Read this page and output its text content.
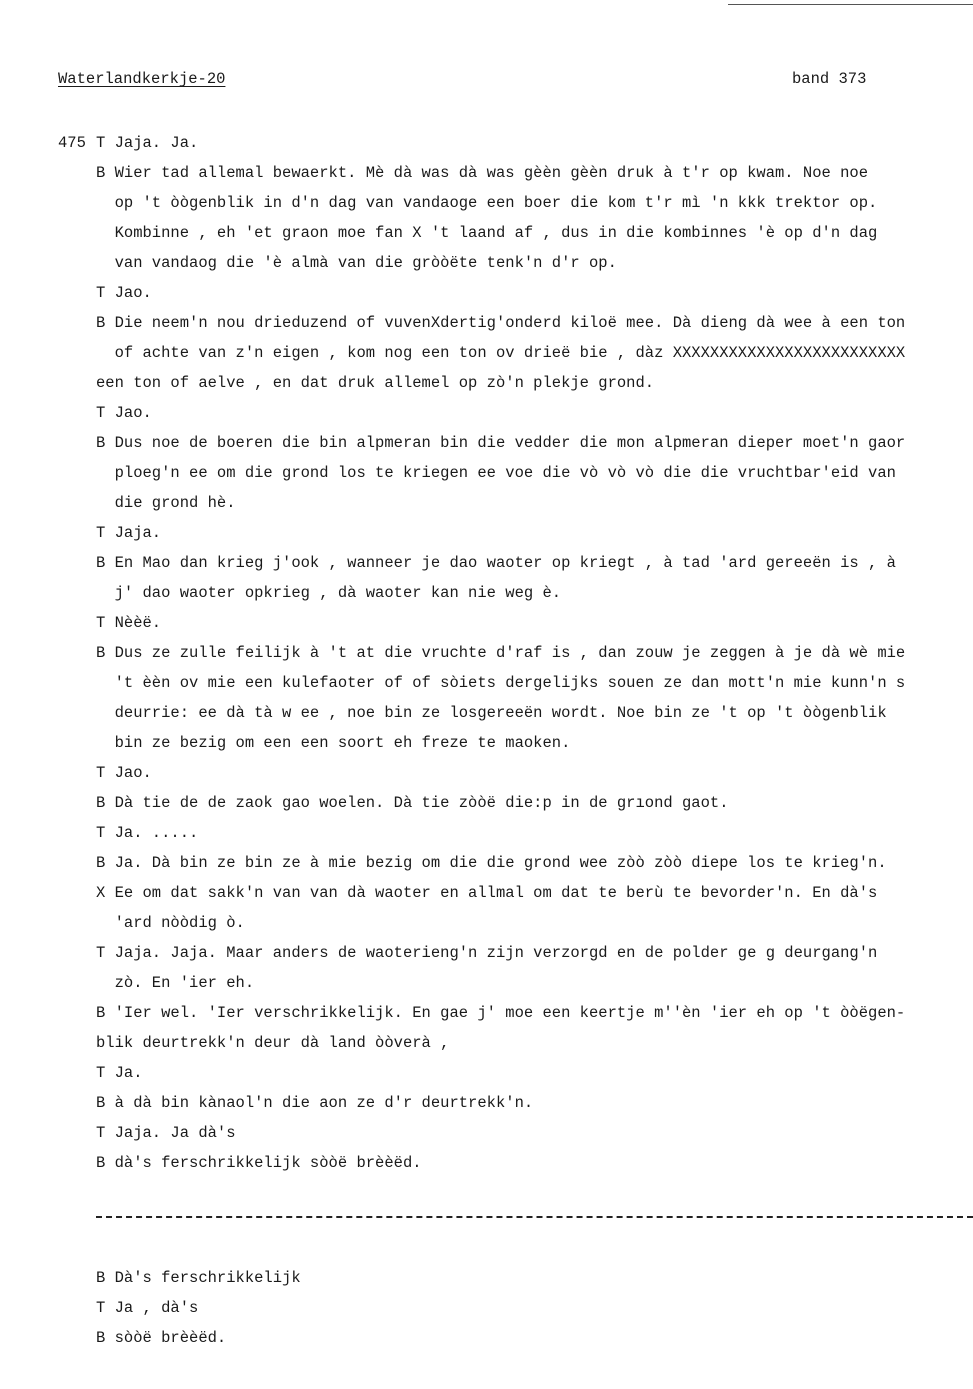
Waterlandkerkje-20	band 373
T Jaja. Ja.
B Wier tad allemal bewaerkt. Mè dà was dà was gèèn gèèn druk à t'r op kwam. Noe noe
op 't òògenblik in d'n dag van vandaoge een boer die kom t'r mì 'n kkk trektor op.
Kombinne , eh 'et graon moe fan X 't laand af , dus in die kombinnes 'è op d'n dag
van vandaog die 'è almà van die gròòëte tenk'n d'r op.
T Jao.
B Die neem'n nou drieduzend of vuvenXdertig'onderd kiloë mee. Dà dieng dà wee à een ton
of achte van z'n eigen , kom nog een ton ov drieë bie , dàz XXXXXXXXXXXXXXXXXXXXXXXXX
een ton of aelve , en dat druk allemel op zò'n plekje grond.
T Jao.
B Dus noe de boeren die bin alpmeran bin die vedder die mon alpmeran dieper moet'n gaor
ploeg'n ee om die grond los te kriegen ee voe die vò vò vò die die vruchtbar'eid van
die grond hè.
T Jaja.
B En Mao dan krieg j'ook , wanneer je dao waoter op kriegt , à tad 'ard gereeën is , à
j' dao waoter opkrieg , dà waoter kan nie weg è.
T Nèèë.
B Dus ze zulle feilijk à 't at die vruchte d'raf is , dan zouw je zeggen à je dà wè mie
't èèn ov mie een kulefaoter of of sòiets dergelijks souen ze dan mott'n mie kunn'n s
deurrie: ee dà tà w ee , noe bin ze losgereeën wordt. Noe bin ze 't op 't òògenblik
bin ze bezig om een een soort eh freze te maoken.
T Jao.
B Dà tie de de zaok gao woelen. Dà tie zòòë die:p in de grıond gaot.
T Ja. .....
B Ja. Dà bin ze bin ze à mie bezig om die die grond wee zòò zòò diepe los te krieg'n.
X Ee om dat sakk'n van van dà waoter en allmal om dat te berù te bevorder'n. En dà's
'ard nòòdig ò.
T Jaja. Jaja. Maar anders de waoterieng'n zijn verzorgd en de polder ge g deurgang'n
zò. En 'ier eh.
B 'Ier wel. 'Ier verschrikkelijk. En gae j' moe een keertje m''èn 'ier eh op 't òòëgen-
blik deurtrekk'n deur dà land òòverà ,
T Ja.
B à dà bin kànaol'n die aon ze d'r deurtrekk'n.
T Jaja. Ja dà's
B dà's ferschrikkelijk sòòë brèèëd.
475
B Dà's ferschrikkelijk
T Ja , dà's
B sòòë brèèëd.
